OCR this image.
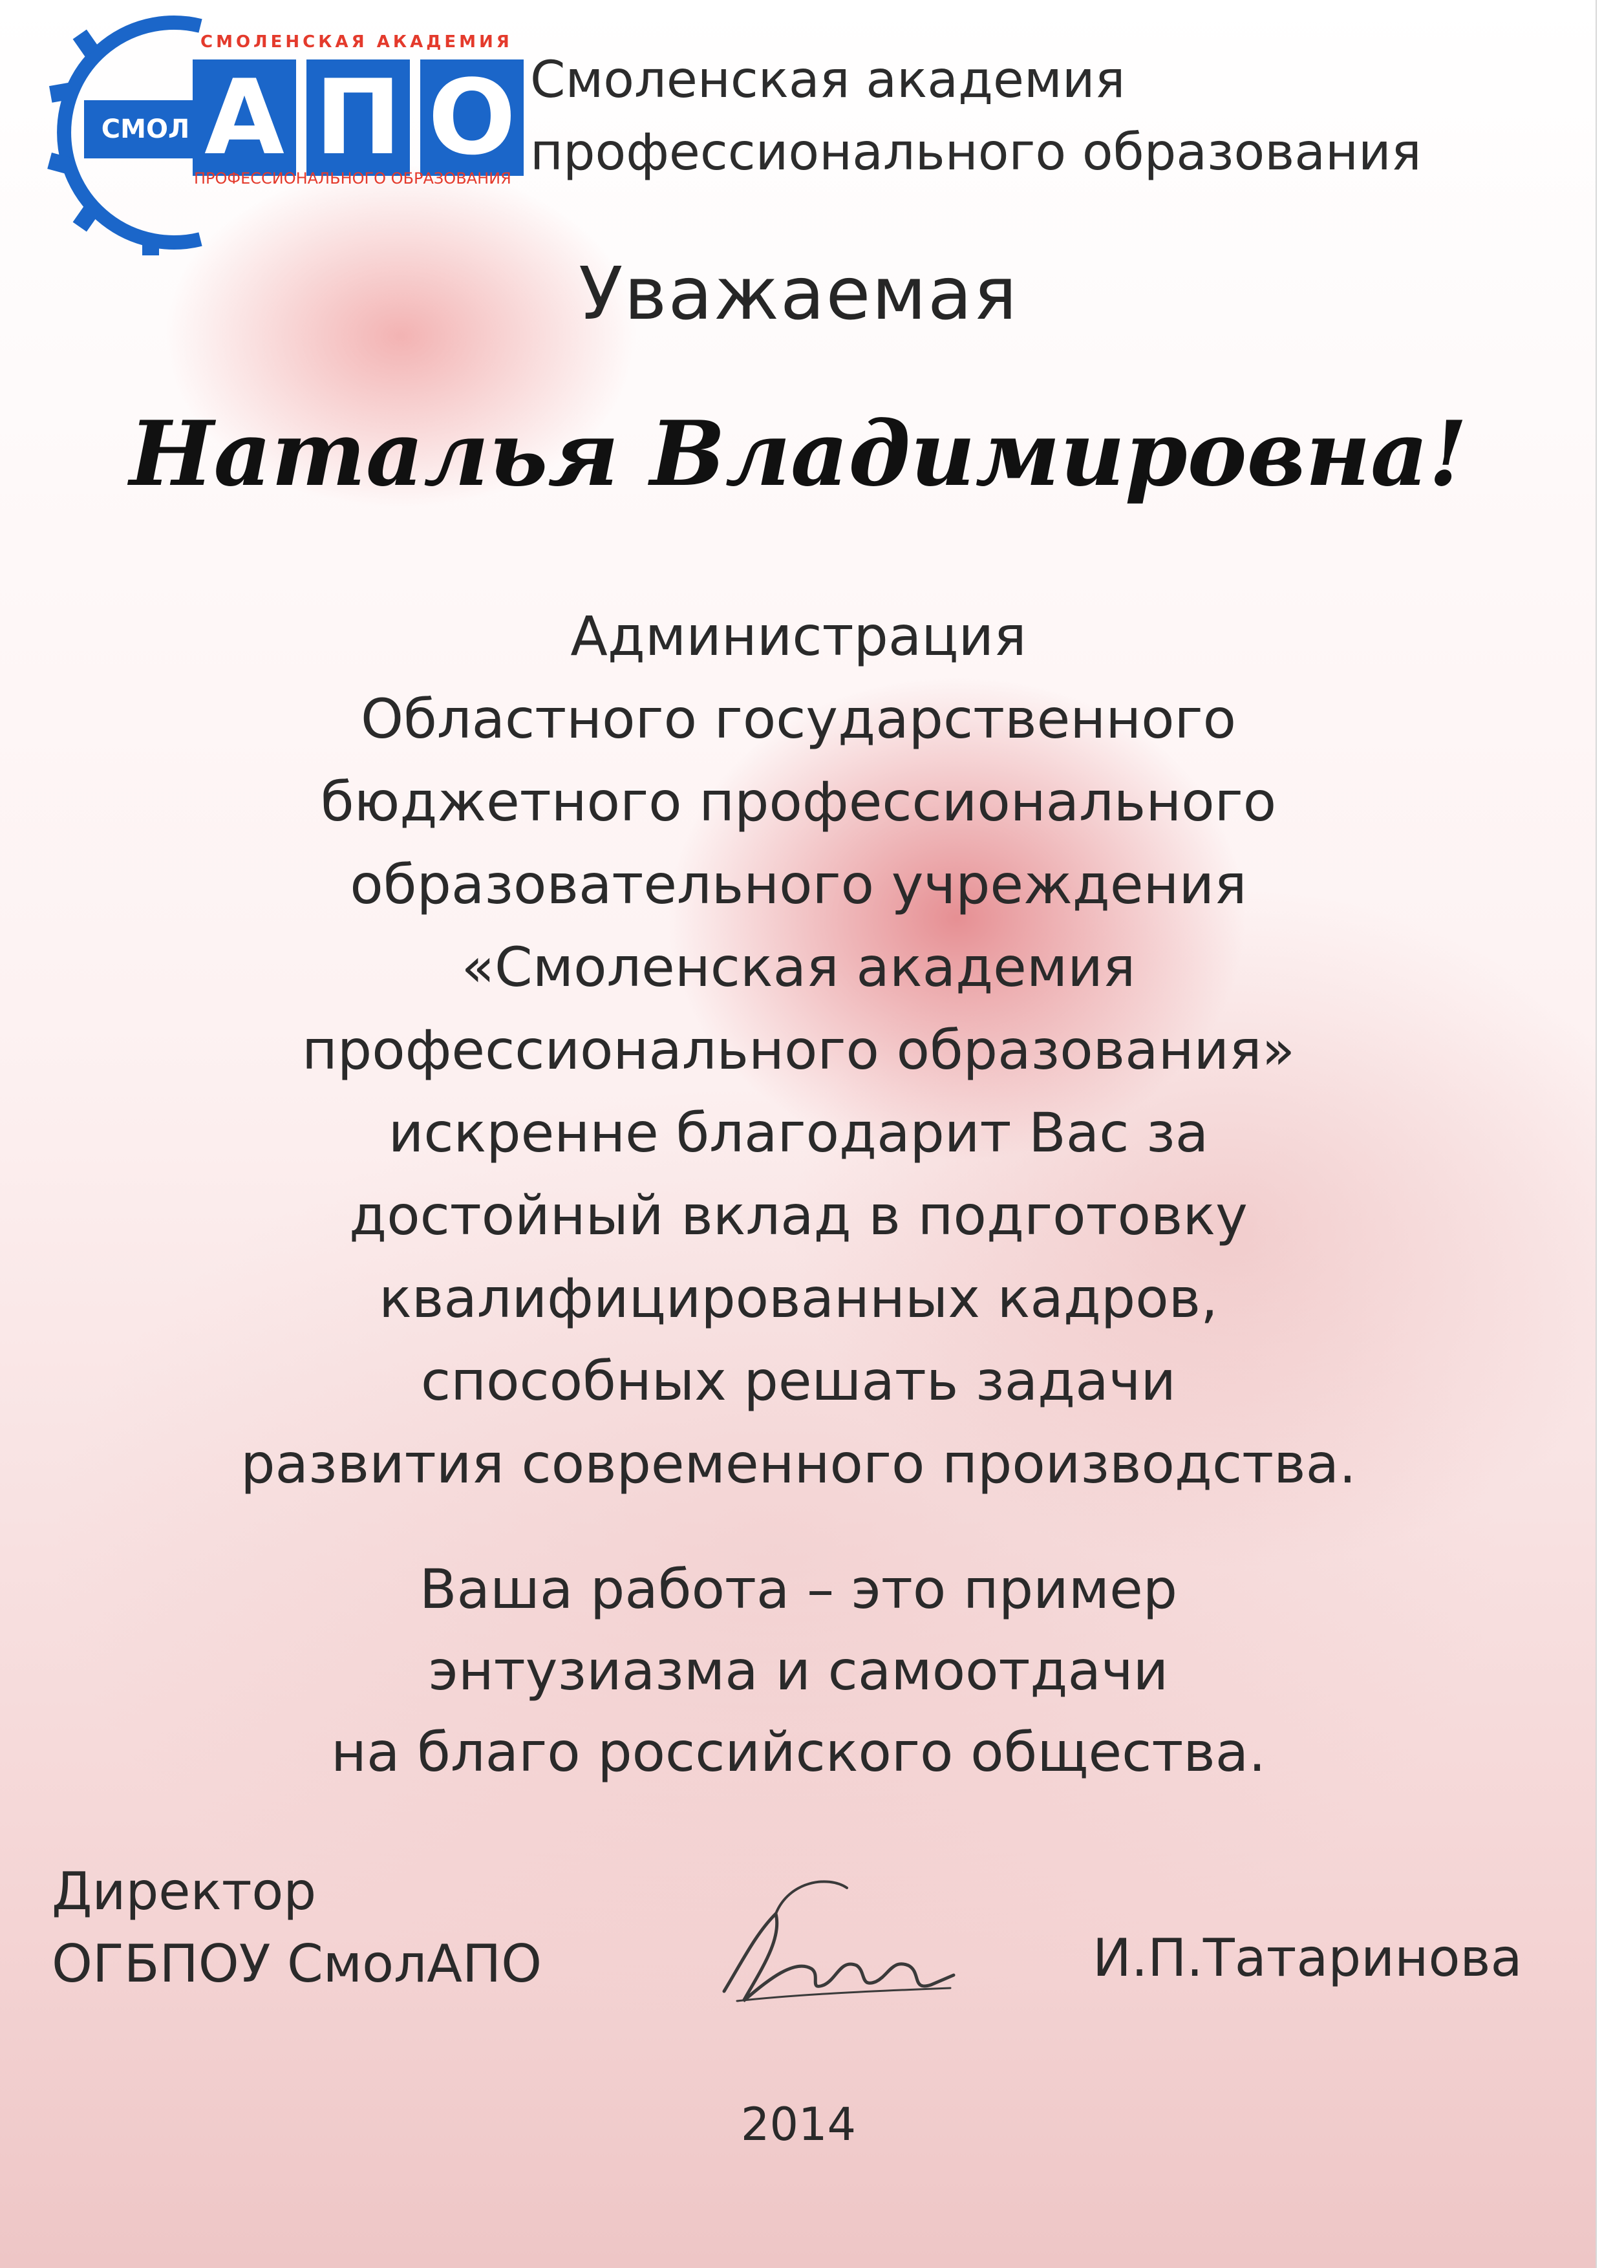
СМОЛЕНСКАЯ АКАДЕМИЯ
СМОЛ А П О
ПРОФЕССИОНАЛЬНОГО ОБРАЗОВАНИЯ
Смоленская академия
профессионального образования
Уважаемая
Наталья Владимировна!
Администрация
Областного государственного
бюджетного профессионального
образовательного учреждения
«Смоленская академия
профессионального образования»
искренне благодарит Вас за
достойный вклад в подготовку
квалифицированных кадров,
способных решать задачи
развития современного производства.
Ваша работа – это пример
энтузиазма и самоотдачи
на благо российского общества.
Директор
ОГБПОУ СмолАПО	И.П.Татаринова
2014
